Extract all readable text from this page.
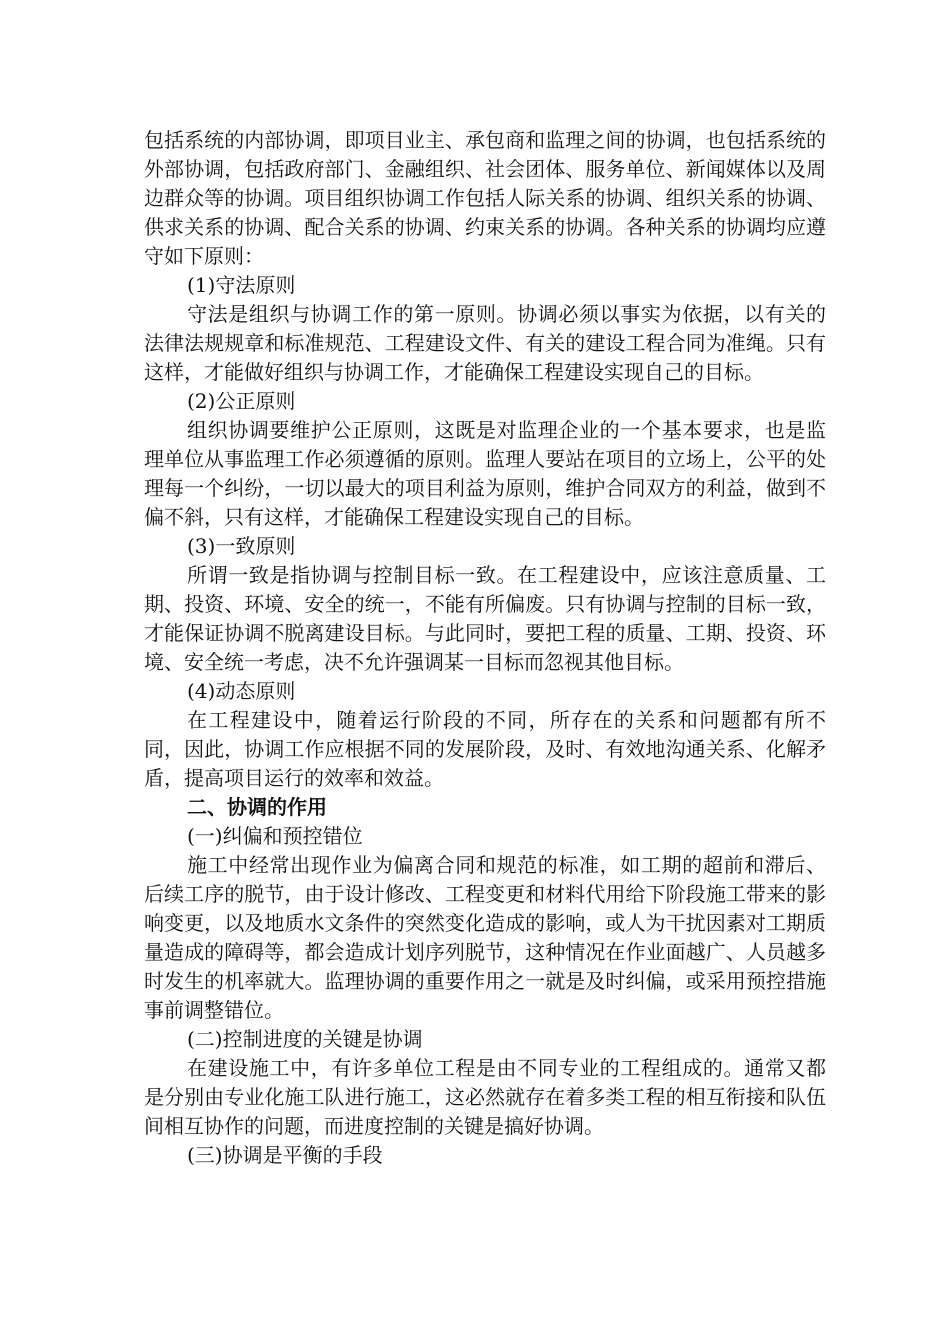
包括系统的内部协调，即项目业主、承包商和监理之间的协调，也包括系统的外部协调，包括政府部门、金融组织、社会团体、服务单位、新闻媒体以及周边群众等的协调。项目组织协调工作包括人际关系的协调、组织关系的协调、供求关系的协调、配合关系的协调、约束关系的协调。各种关系的协调均应遵守如下原则：

(1)守法原则

守法是组织与协调工作的第一原则。协调必须以事实为依据，以有关的法律法规规章和标准规范、工程建设文件、有关的建设工程合同为准绳。只有这样，才能做好组织与协调工作，才能确保工程建设实现自己的目标。

(2)公正原则

组织协调要维护公正原则，这既是对监理企业的一个基本要求，也是监理单位从事监理工作必须遵循的原则。监理人要站在项目的立场上，公平的处理每一个纠纷，一切以最大的项目利益为原则，维护合同双方的利益，做到不偏不斜，只有这样，才能确保工程建设实现自己的目标。

(3)一致原则

所谓一致是指协调与控制目标一致。在工程建设中，应该注意质量、工期、投资、环境、安全的统一，不能有所偏废。只有协调与控制的目标一致，才能保证协调不脱离建设目标。与此同时，要把工程的质量、工期、投资、环境、安全统一考虑，决不允许强调某一目标而忽视其他目标。

(4)动态原则

在工程建设中，随着运行阶段的不同，所存在的关系和问题都有所不同，因此，协调工作应根据不同的发展阶段，及时、有效地沟通关系、化解矛盾，提高项目运行的效率和效益。

二、协调的作用

(一)纠偏和预控错位

施工中经常出现作业为偏离合同和规范的标准，如工期的超前和滞后、后续工序的脱节，由于设计修改、工程变更和材料代用给下阶段施工带来的影响变更，以及地质水文条件的突然变化造成的影响，或人为干扰因素对工期质量造成的障碍等，都会造成计划序列脱节，这种情况在作业面越广、人员越多时发生的机率就大。监理协调的重要作用之一就是及时纠偏，或采用预控措施事前调整错位。

(二)控制进度的关键是协调

在建设施工中，有许多单位工程是由不同专业的工程组成的。通常又都是分别由专业化施工队进行施工，这必然就存在着多类工程的相互衔接和队伍间相互协作的问题，而进度控制的关键是搞好协调。

(三)协调是平衡的手段
